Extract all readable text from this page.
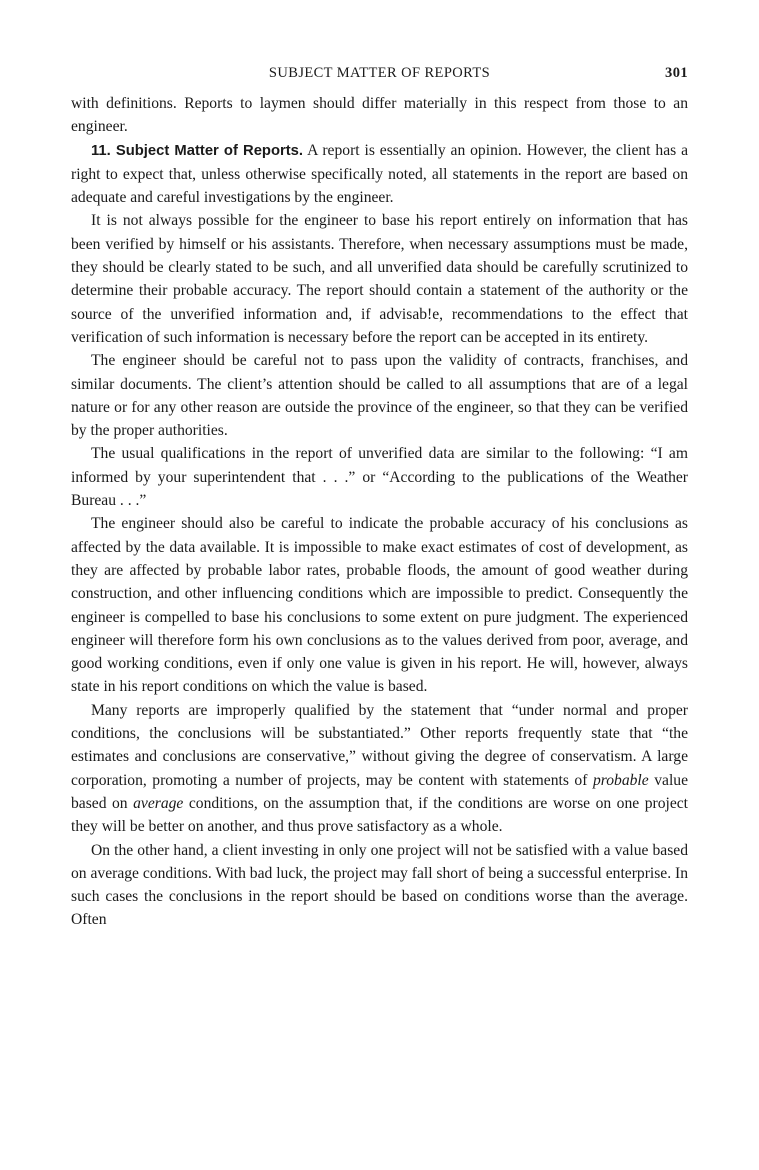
SUBJECT MATTER OF REPORTS	301

with definitions. Reports to laymen should differ materially in this respect from those to an engineer.

11. Subject Matter of Reports. A report is essentially an opinion. However, the client has a right to expect that, unless otherwise specifically noted, all statements in the report are based on adequate and careful investigations by the engineer.

It is not always possible for the engineer to base his report entirely on information that has been verified by himself or his assistants. Therefore, when necessary assumptions must be made, they should be clearly stated to be such, and all unverified data should be carefully scrutinized to determine their probable accuracy. The report should contain a statement of the authority or the source of the unverified information and, if advisab!e, recommendations to the effect that verification of such information is necessary before the report can be accepted in its entirety.

The engineer should be careful not to pass upon the validity of contracts, franchises, and similar documents. The client’s attention should be called to all assumptions that are of a legal nature or for any other reason are outside the province of the engineer, so that they can be verified by the proper authorities.

The usual qualifications in the report of unverified data are similar to the following: “I am informed by your superintendent that . . .” or “According to the publications of the Weather Bureau . . .”

The engineer should also be careful to indicate the probable accuracy of his conclusions as affected by the data available. It is impossible to make exact estimates of cost of development, as they are affected by probable labor rates, probable floods, the amount of good weather during construction, and other influencing conditions which are impossible to predict. Consequently the engineer is compelled to base his conclusions to some extent on pure judgment. The experienced engineer will therefore form his own conclusions as to the values derived from poor, average, and good working conditions, even if only one value is given in his report. He will, however, always state in his report conditions on which the value is based.

Many reports are improperly qualified by the statement that “under normal and proper conditions, the conclusions will be substantiated.” Other reports frequently state that “the estimates and conclusions are conservative,” without giving the degree of conservatism. A large corporation, promoting a number of projects, may be content with statements of probable value based on average conditions, on the assumption that, if the conditions are worse on one project they will be better on another, and thus prove satisfactory as a whole.

On the other hand, a client investing in only one project will not be satisfied with a value based on average conditions. With bad luck, the project may fall short of being a successful enterprise. In such cases the conclusions in the report should be based on conditions worse than the average. Often
